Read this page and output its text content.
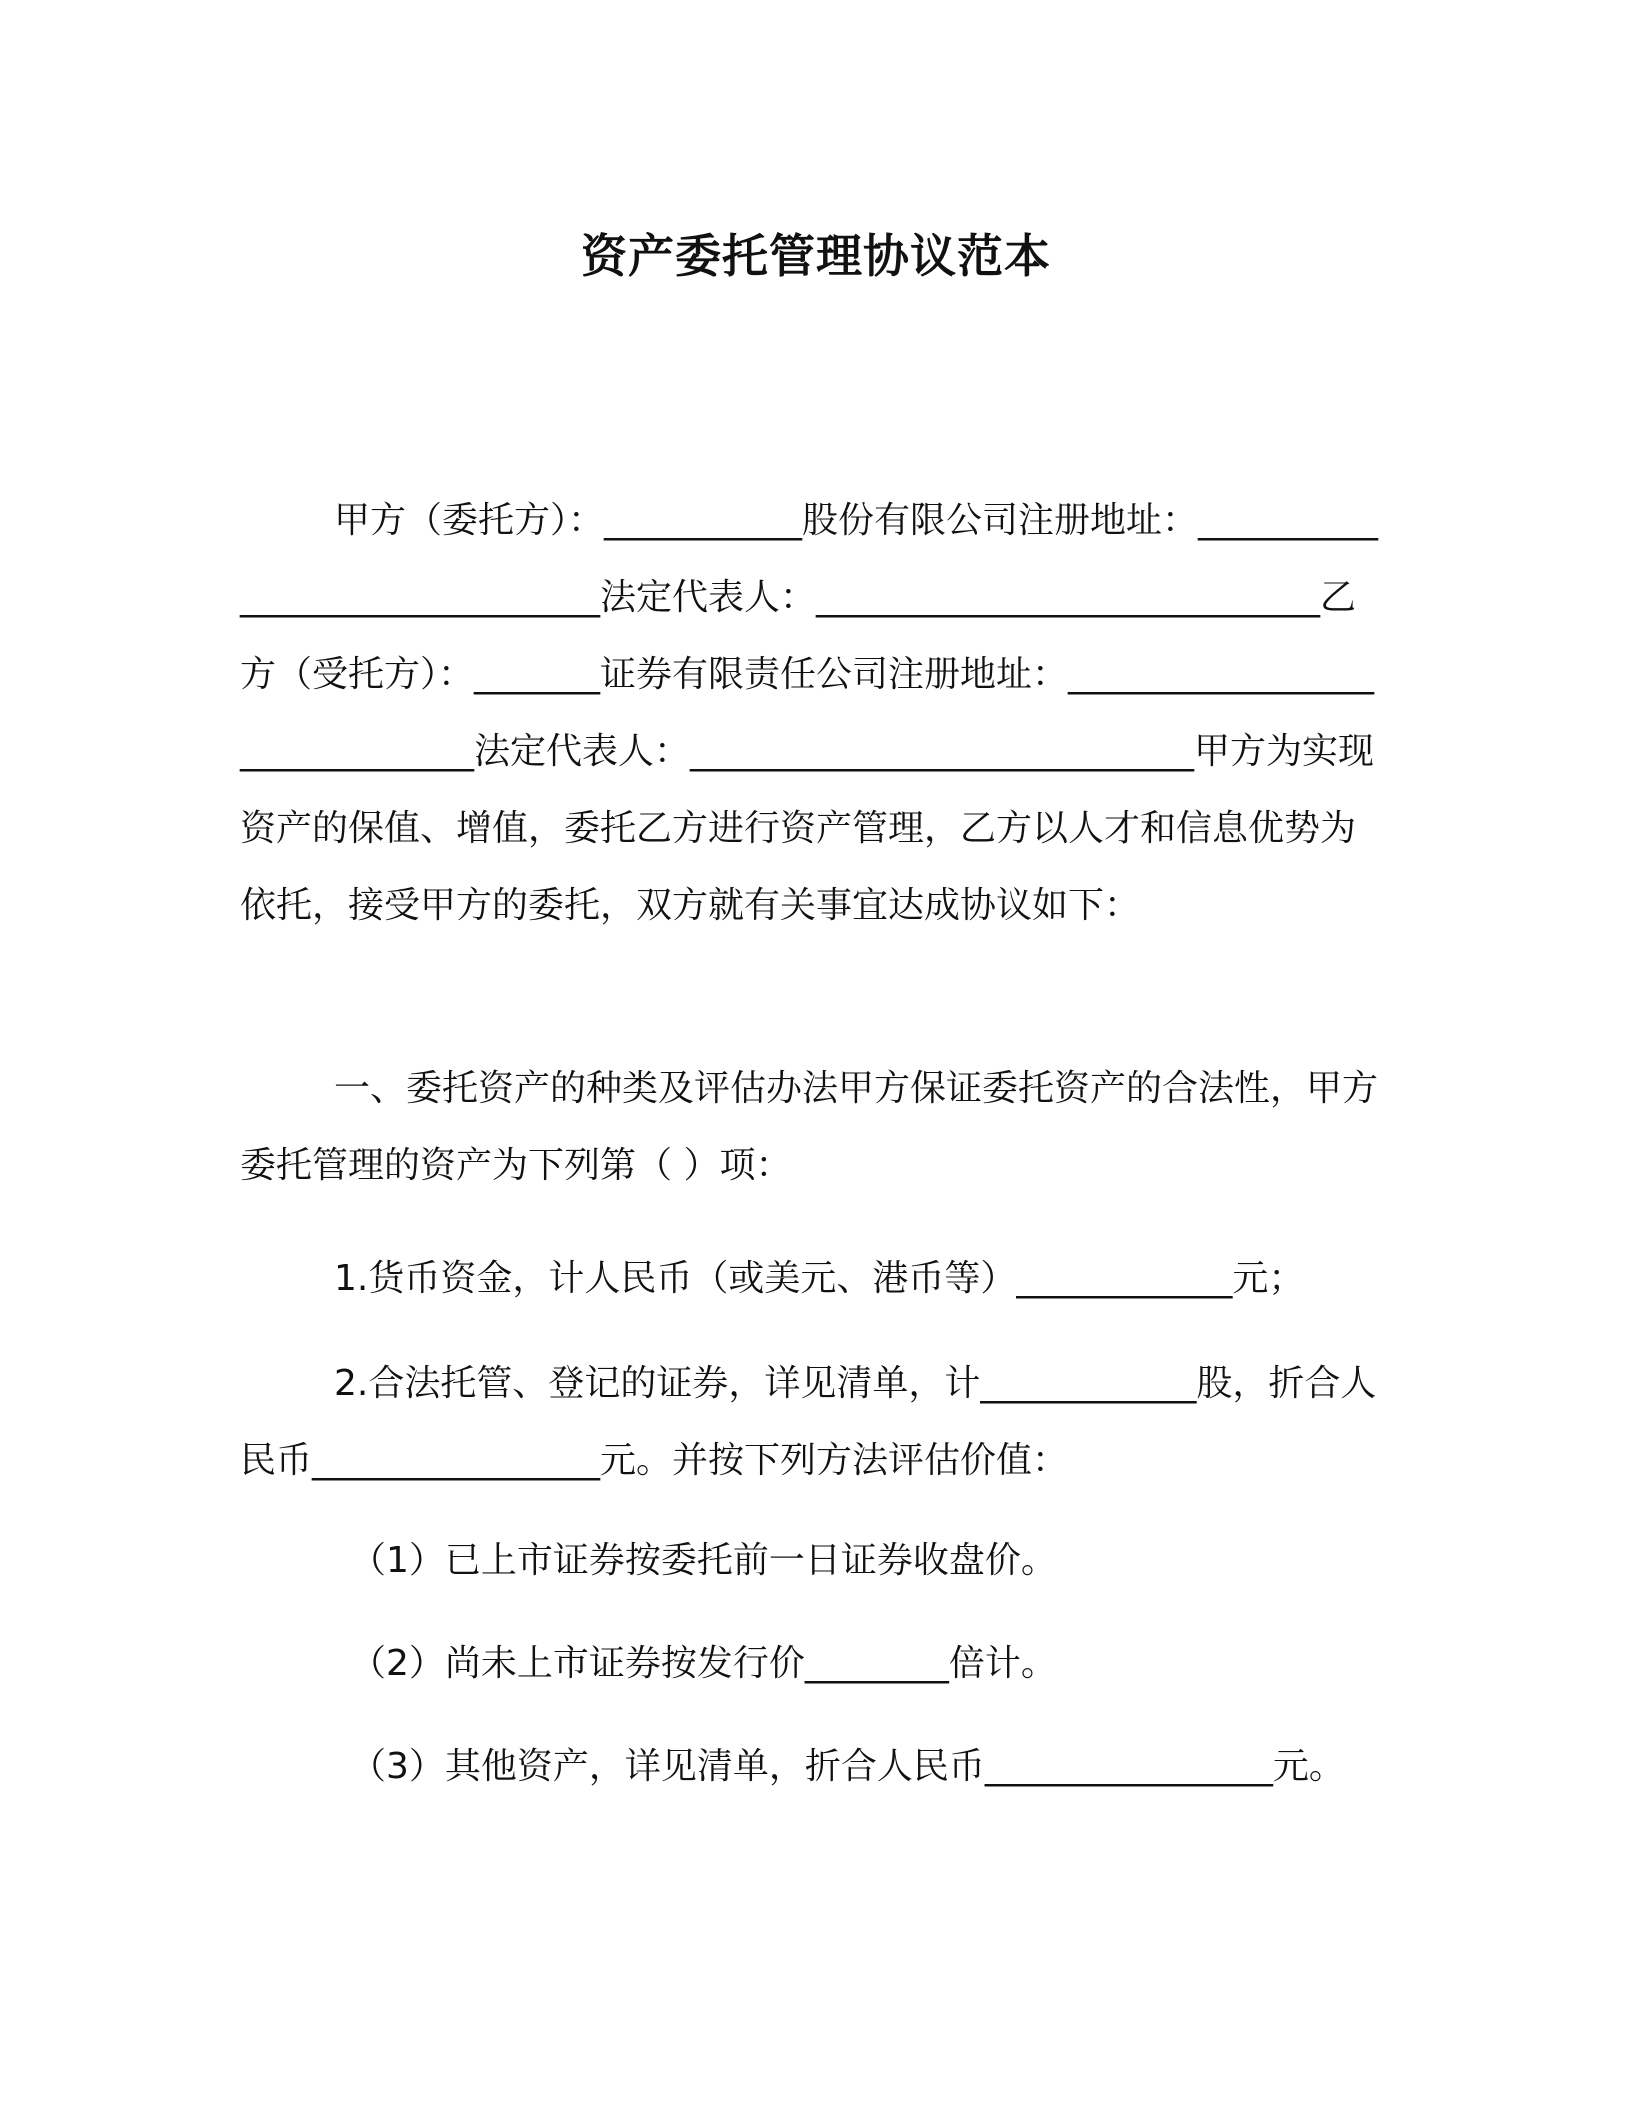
资产委托管理协议范本

甲方（委托方）：___________股份有限公司注册地址：______________________________法定代表人：____________________________乙方（受托方）：_______证券有限责任公司注册地址：______________________________法定代表人：____________________________甲方为实现资产的保值、增值，委托乙方进行资产管理，乙方以人才和信息优势为依托，接受甲方的委托，双方就有关事宜达成协议如下：

一、委托资产的种类及评估办法甲方保证委托资产的合法性，甲方委托管理的资产为下列第（ ）项：

1.货币资金，计人民币（或美元、港币等）____________元；

2.合法托管、登记的证券，详见清单，计____________股，折合人民币________________元。并按下列方法评估价值：

（1）已上市证券按委托前一日证券收盘价。

（2）尚未上市证券按发行价________倍计。

（3）其他资产，详见清单，折合人民币________________元。
